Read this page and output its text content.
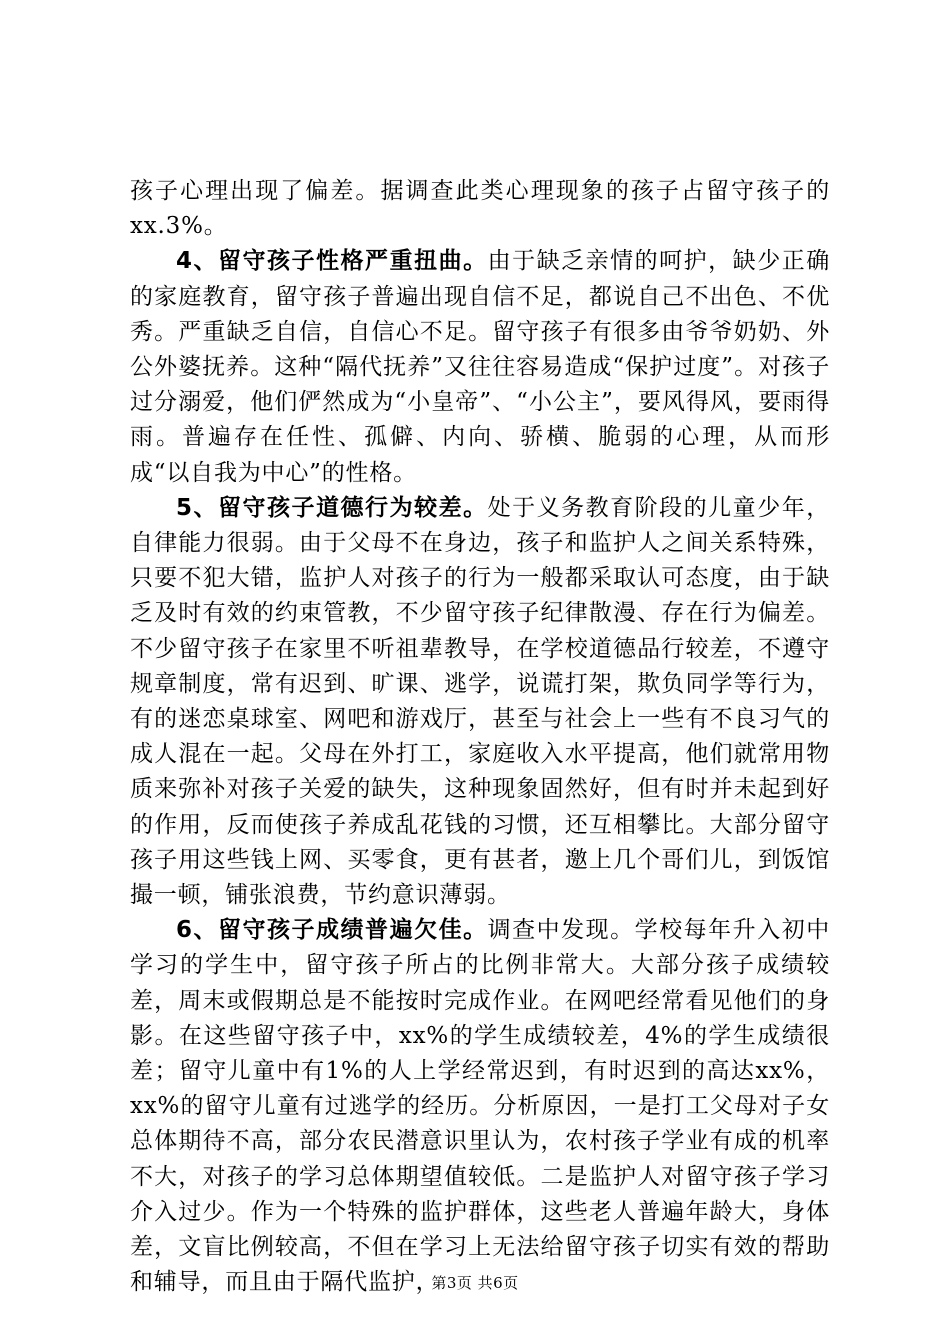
孩子心理出现了偏差。据调查此类心理现象的孩子占留守孩子的xx.3%。

4、留守孩子性格严重扭曲。由于缺乏亲情的呵护，缺少正确的家庭教育，留守孩子普遍出现自信不足，都说自己不出色、不优秀。严重缺乏自信，自信心不足。留守孩子有很多由爷爷奶奶、外公外婆抚养。这种“隔代抚养”又往往容易造成“保护过度”。对孩子过分溺爱，他们俨然成为“小皇帝”、“小公主”，要风得风，要雨得雨。普遍存在任性、孤僻、内向、骄横、脆弱的心理，从而形成“以自我为中心”的性格。

5、留守孩子道德行为较差。处于义务教育阶段的儿童少年，自律能力很弱。由于父母不在身边，孩子和监护人之间关系特殊，只要不犯大错，监护人对孩子的行为一般都采取认可态度，由于缺乏及时有效的约束管教，不少留守孩子纪律散漫、存在行为偏差。不少留守孩子在家里不听祖辈教导，在学校道德品行较差，不遵守规章制度，常有迟到、旷课、逃学，说谎打架，欺负同学等行为，有的迷恋桌球室、网吧和游戏厅，甚至与社会上一些有不良习气的成人混在一起。父母在外打工，家庭收入水平提高，他们就常用物质来弥补对孩子关爱的缺失，这种现象固然好，但有时并未起到好的作用，反而使孩子养成乱花钱的习惯，还互相攀比。大部分留守孩子用这些钱上网、买零食，更有甚者，邀上几个哥们儿，到饭馆撮一顿，铺张浪费，节约意识薄弱。

6、留守孩子成绩普遍欠佳。调查中发现。学校每年升入初中学习的学生中，留守孩子所占的比例非常大。大部分孩子成绩较差，周末或假期总是不能按时完成作业。在网吧经常看见他们的身影。在这些留守孩子中，xx%的学生成绩较差，4%的学生成绩很差；留守儿童中有1%的人上学经常迟到，有时迟到的高达xx%，xx%的留守儿童有过逃学的经历。分析原因，一是打工父母对子女总体期待不高，部分农民潜意识里认为，农村孩子学业有成的机率不大，对孩子的学习总体期望值较低。二是监护人对留守孩子学习介入过少。作为一个特殊的监护群体，这些老人普遍年龄大，身体差，文盲比例较高，不但在学习上无法给留守孩子切实有效的帮助和辅导，而且由于隔代监护，

第3页 共6页
